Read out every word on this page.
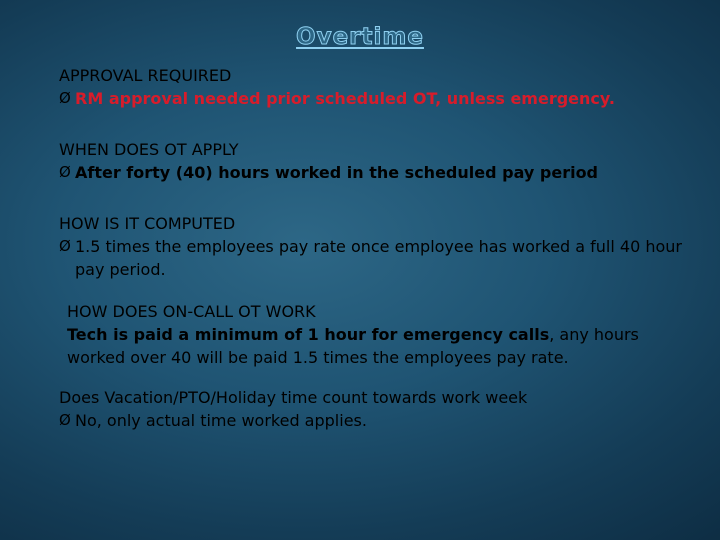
Overtime
APPROVAL REQUIRED
Ø RM approval needed prior scheduled OT, unless emergency.
WHEN DOES OT APPLY
Ø After forty (40) hours worked in the scheduled pay period
HOW IS IT COMPUTED
Ø 1.5 times the employees pay rate once employee has worked a full 40 hour pay period.
HOW DOES ON-CALL OT WORK
Tech is paid a minimum of 1 hour for emergency calls, any hours worked over 40 will be paid 1.5 times the employees pay rate.
Does Vacation/PTO/Holiday time count towards work week
Ø No, only actual time worked applies.
